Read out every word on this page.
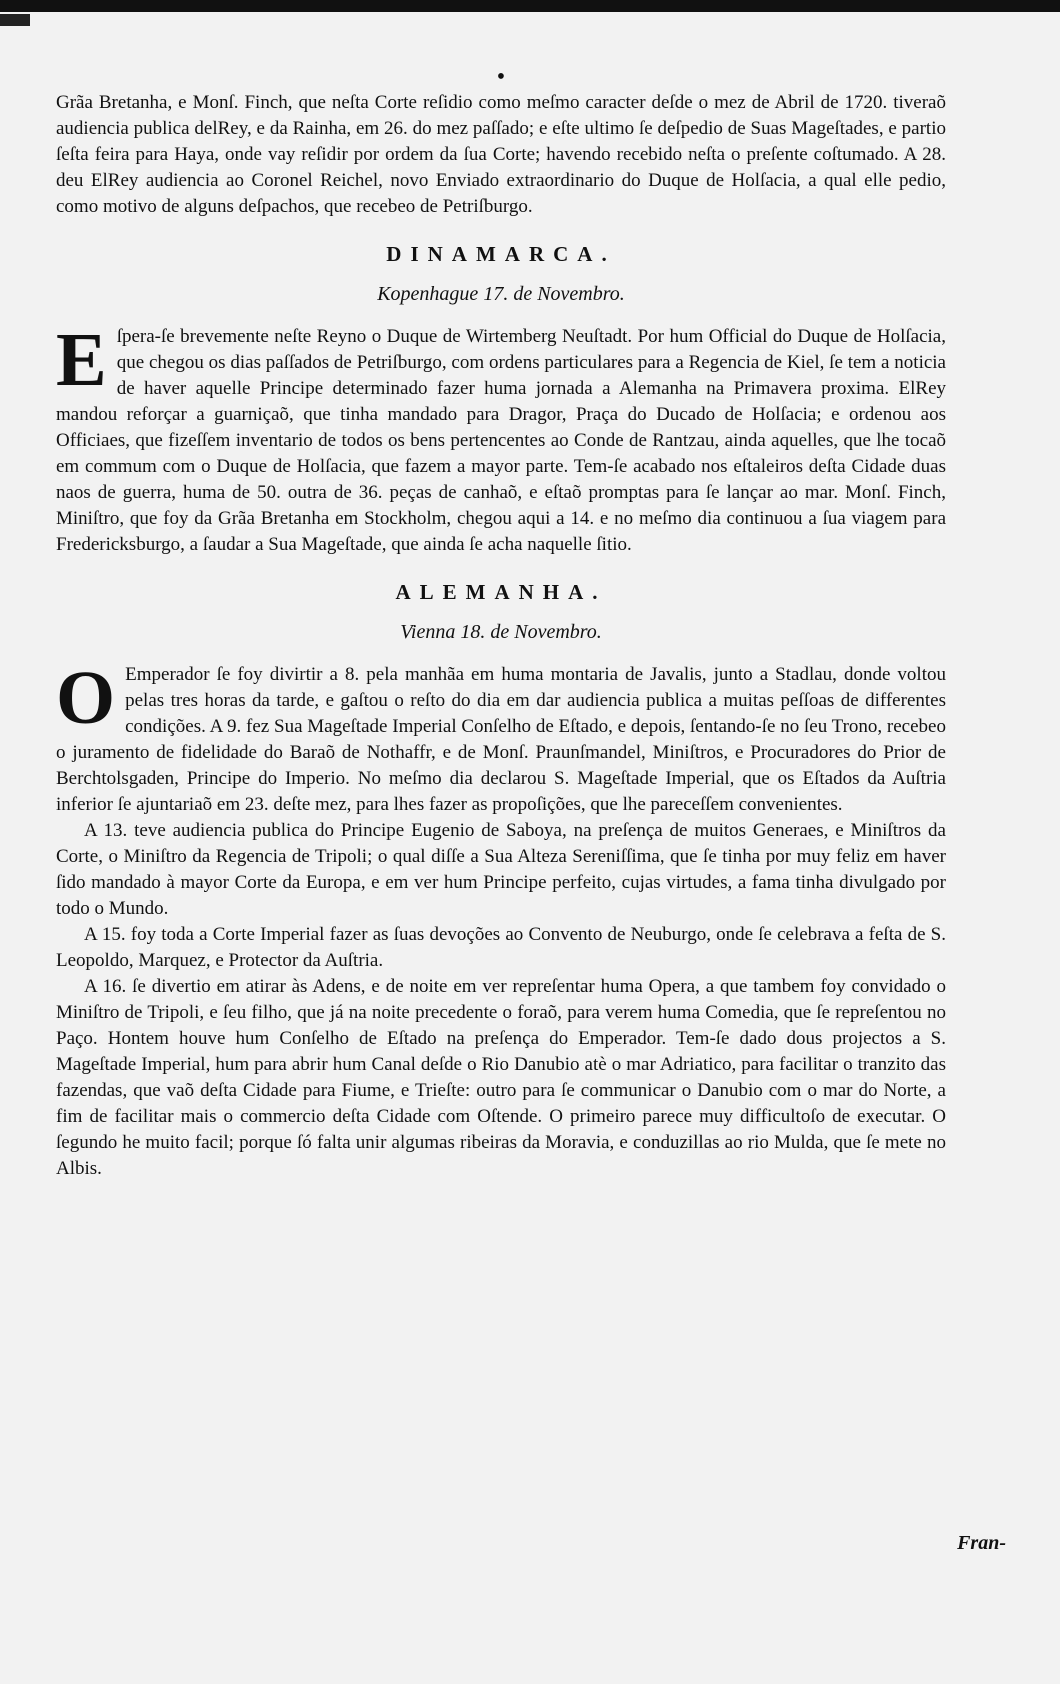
•

Grãa Bretanha, e Monſ. Finch, que neſta Corte reſidio como meſmo caracter deſde o mez de Abril de 1720. tiveraõ audiencia publica delRey, e da Rainha, em 26. do mez paſſado; e eſte ultimo ſe deſpedio de Suas Mageſtades, e partio ſeſta feira para Haya, onde vay reſidir por ordem da ſua Corte; havendo recebido neſta o preſente coſtumado. A 28. deu ElRey audiencia ao Coronel Reichel, novo Enviado extraordinario do Duque de Holſacia, a qual elle pedio, como motivo de alguns deſpachos, que recebeo de Petriſburgo.

DINAMARCA.
Kopenhague 17. de Novembro.
E ſpera-ſe brevemente neſte Reyno o Duque de Wirtemberg Neuſtadt. Por hum Official do Duque de Holſacia, que chegou os dias paſſados de Petriſburgo, com ordens particulares para a Regencia de Kiel, ſe tem a noticia de haver aquelle Principe determinado fazer huma jornada a Alemanha na Primavera proxima. ElRey mandou reforçar a guarniçaõ, que tinha mandado para Dragor, Praça do Ducado de Holſacia; e ordenou aos Officiaes, que fizeſſem inventario de todos os bens pertencentes ao Conde de Rantzau, ainda aquelles, que lhe tocaõ em commum com o Duque de Holſacia, que fazem a mayor parte. Tem-ſe acabado nos eſtaleiros deſta Cidade duas naos de guerra, huma de 50. outra de 36. peças de canhaõ, e eſtaõ promptas para ſe lançar ao mar. Monſ. Finch, Miniſtro, que foy da Grãa Bretanha em Stockholm, chegou aqui a 14. e no meſmo dia continuou a ſua viagem para Fredericksburgo, a ſaudar a Sua Mageſtade, que ainda ſe acha naquelle ſitio.
ALEMANHA.
Vienna 18. de Novembro.
O Emperador ſe foy divirtir a 8. pela manhãa em huma montaria de Javalis, junto a Stadlau, donde voltou pelas tres horas da tarde, e gaſtou o reſto do dia em dar audiencia publica a muitas peſſoas de differentes condições. A 9. fez Sua Mageſtade Imperial Conſelho de Eſtado, e depois, ſentando-ſe no ſeu Trono, recebeo o juramento de fidelidade do Baraõ de Nothaffr, e de Monſ. Praunſmandel, Miniſtros, e Procuradores do Prior de Berchtolsgaden, Principe do Imperio. No meſmo dia declarou S. Mageſtade Imperial, que os Eſtados da Auſtria inferior ſe ajuntariaõ em 23. deſte mez, para lhes fazer as propoſições, que lhe pareceſſem convenientes.

A 13. teve audiencia publica do Principe Eugenio de Saboya, na preſença de muitos Generaes, e Miniſtros da Corte, o Miniſtro da Regencia de Tripoli; o qual diſſe a Sua Alteza Sereniſſima, que ſe tinha por muy feliz em haver ſido mandado à mayor Corte da Europa, e em ver hum Principe perfeito, cujas virtudes, a fama tinha divulgado por todo o Mundo.

A 15. foy toda a Corte Imperial fazer as ſuas devoções ao Convento de Neuburgo, onde ſe celebrava a feſta de S. Leopoldo, Marquez, e Protector da Auſtria.

A 16. ſe divertio em atirar às Adens, e de noite em ver repreſentar huma Opera, a que tambem foy convidado o Miniſtro de Tripoli, e ſeu filho, que já na noite precedente o foraõ, para verem huma Comedia, que ſe repreſentou no Paço. Hontem houve hum Conſelho de Eſtado na preſença do Emperador. Tem-ſe dado dous projectos a S. Mageſtade Imperial, hum para abrir hum Canal deſde o Rio Danubio atè o mar Adriatico, para facilitar o tranzito das fazendas, que vaõ deſta Cidade para Fiume, e Trieſte: outro para ſe communicar o Danubio com o mar do Norte, a fim de facilitar mais o commercio deſta Cidade com Oſtende. O primeiro parece muy difficultoſo de executar. O ſegundo he muito facil; porque ſó falta unir algumas ribeiras da Moravia, e conduzillas ao rio Mulda, que ſe mete no Albis.

Fran-
